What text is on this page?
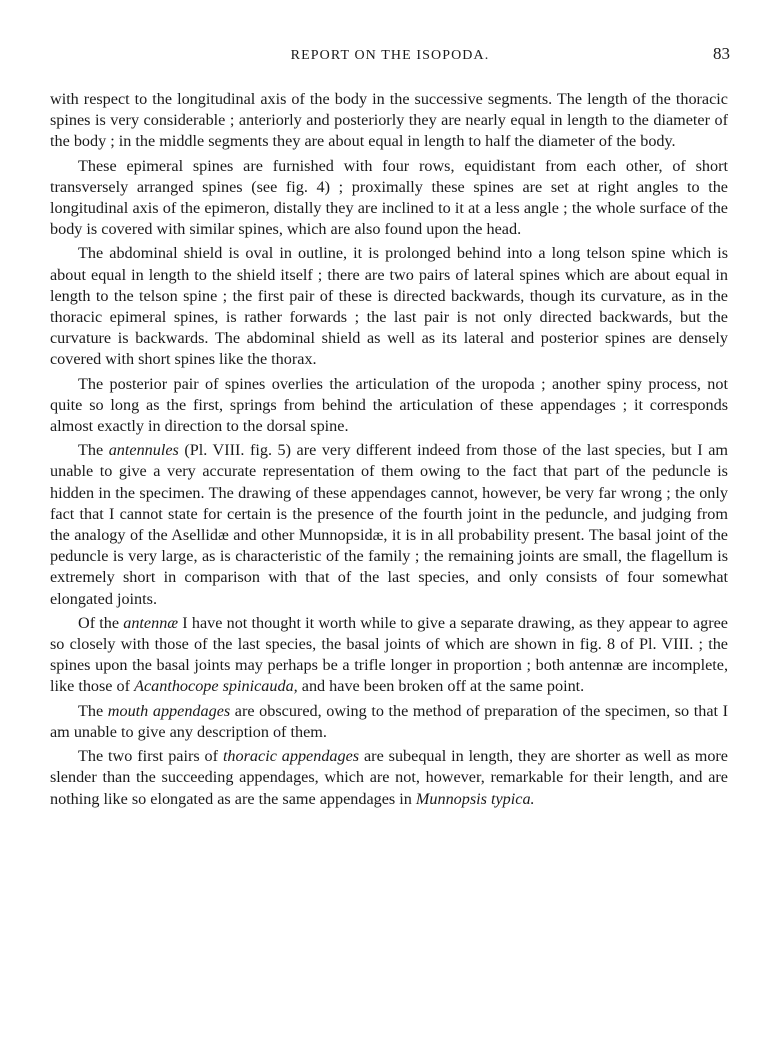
REPORT ON THE ISOPODA.	83

with respect to the longitudinal axis of the body in the successive segments. The length of the thoracic spines is very considerable ; anteriorly and posteriorly they are nearly equal in length to the diameter of the body ; in the middle segments they are about equal in length to half the diameter of the body.

These epimeral spines are furnished with four rows, equidistant from each other, of short transversely arranged spines (see fig. 4) ; proximally these spines are set at right angles to the longitudinal axis of the epimeron, distally they are inclined to it at a less angle ; the whole surface of the body is covered with similar spines, which are also found upon the head.

The abdominal shield is oval in outline, it is prolonged behind into a long telson spine which is about equal in length to the shield itself ; there are two pairs of lateral spines which are about equal in length to the telson spine ; the first pair of these is directed backwards, though its curvature, as in the thoracic epimeral spines, is rather forwards ; the last pair is not only directed backwards, but the curvature is backwards. The abdominal shield as well as its lateral and posterior spines are densely covered with short spines like the thorax.

The posterior pair of spines overlies the articulation of the uropoda ; another spiny process, not quite so long as the first, springs from behind the articulation of these appendages ; it corresponds almost exactly in direction to the dorsal spine.

The antennules (Pl. VIII. fig. 5) are very different indeed from those of the last species, but I am unable to give a very accurate representation of them owing to the fact that part of the peduncle is hidden in the specimen. The drawing of these appendages cannot, however, be very far wrong ; the only fact that I cannot state for certain is the presence of the fourth joint in the peduncle, and judging from the analogy of the Asellidæ and other Munnopsidæ, it is in all probability present. The basal joint of the peduncle is very large, as is characteristic of the family ; the remaining joints are small, the flagellum is extremely short in comparison with that of the last species, and only consists of four somewhat elongated joints.

Of the antennæ I have not thought it worth while to give a separate drawing, as they appear to agree so closely with those of the last species, the basal joints of which are shown in fig. 8 of Pl. VIII. ; the spines upon the basal joints may perhaps be a trifle longer in proportion ; both antennæ are incomplete, like those of Acanthocope spinicauda, and have been broken off at the same point.

The mouth appendages are obscured, owing to the method of preparation of the specimen, so that I am unable to give any description of them.

The two first pairs of thoracic appendages are subequal in length, they are shorter as well as more slender than the succeeding appendages, which are not, however, remarkable for their length, and are nothing like so elongated as are the same appendages in Munnopsis typica.
